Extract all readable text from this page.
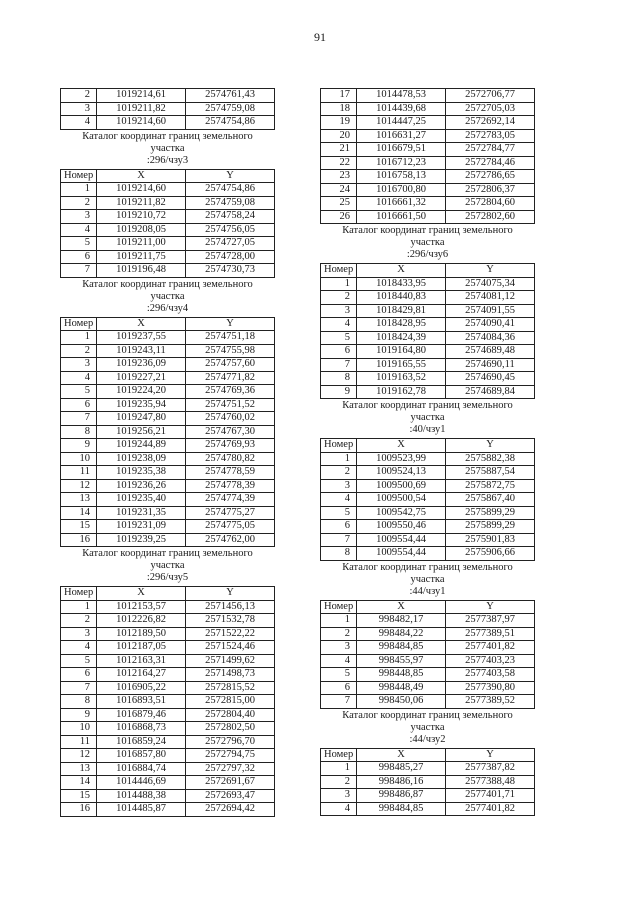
91
2	1019214,61	2574761,43
3	1019211,82	2574759,08
4	1019214,60	2574754,86
Каталог координат границ земельного
участка
:296/чзу3
Номер	X	Y
1	1019214,60	2574754,86
2	1019211,82	2574759,08
3	1019210,72	2574758,24
4	1019208,05	2574756,05
5	1019211,00	2574727,05
6	1019211,75	2574728,00
7	1019196,48	2574730,73
Каталог координат границ земельного
участка
:296/чзу4
Номер	X	Y
1	1019237,55	2574751,18
2	1019243,11	2574755,98
3	1019236,09	2574757,60
4	1019227,21	2574771,82
5	1019224,20	2574769,36
6	1019235,94	2574751,52
7	1019247,80	2574760,02
8	1019256,21	2574767,30
9	1019244,89	2574769,93
10	1019238,09	2574780,82
11	1019235,38	2574778,59
12	1019236,26	2574778,39
13	1019235,40	2574774,39
14	1019231,35	2574775,27
15	1019231,09	2574775,05
16	1019239,25	2574762,00
Каталог координат границ земельного
участка
:296/чзу5
Номер	X	Y
1	1012153,57	2571456,13
2	1012226,82	2571532,78
3	1012189,50	2571522,22
4	1012187,05	2571524,46
5	1012163,31	2571499,62
6	1012164,27	2571498,73
7	1016905,22	2572815,52
8	1016893,51	2572815,00
9	1016879,46	2572804,40
10	1016868,73	2572802,50
11	1016859,24	2572796,70
12	1016857,80	2572794,75
13	1016884,74	2572797,32
14	1014446,69	2572691,67
15	1014488,38	2572693,47
16	1014485,87	2572694,42
17	1014478,53	2572706,77
18	1014439,68	2572705,03
19	1014447,25	2572692,14
20	1016631,27	2572783,05
21	1016679,51	2572784,77
22	1016712,23	2572784,46
23	1016758,13	2572786,65
24	1016700,80	2572806,37
25	1016661,32	2572804,60
26	1016661,50	2572802,60
Каталог координат границ земельного
участка
:296/чзу6
Номер	X	Y
1	1018433,95	2574075,34
2	1018440,83	2574081,12
3	1018429,81	2574091,55
4	1018428,95	2574090,41
5	1018424,39	2574084,36
6	1019164,80	2574689,48
7	1019165,55	2574690,11
8	1019163,52	2574690,45
9	1019162,78	2574689,84
Каталог координат границ земельного
участка
:40/чзу1
Номер	X	Y
1	1009523,99	2575882,38
2	1009524,13	2575887,54
3	1009500,69	2575872,75
4	1009500,54	2575867,40
5	1009542,75	2575899,29
6	1009550,46	2575899,29
7	1009554,44	2575901,83
8	1009554,44	2575906,66
Каталог координат границ земельного
участка
:44/чзу1
Номер	X	Y
1	998482,17	2577387,97
2	998484,22	2577389,51
3	998484,85	2577401,82
4	998455,97	2577403,23
5	998448,85	2577403,58
6	998448,49	2577390,80
7	998450,06	2577389,52
Каталог координат границ земельного
участка
:44/чзу2
Номер	X	Y
1	998485,27	2577387,82
2	998486,16	2577388,48
3	998486,87	2577401,71
4	998484,85	2577401,82
